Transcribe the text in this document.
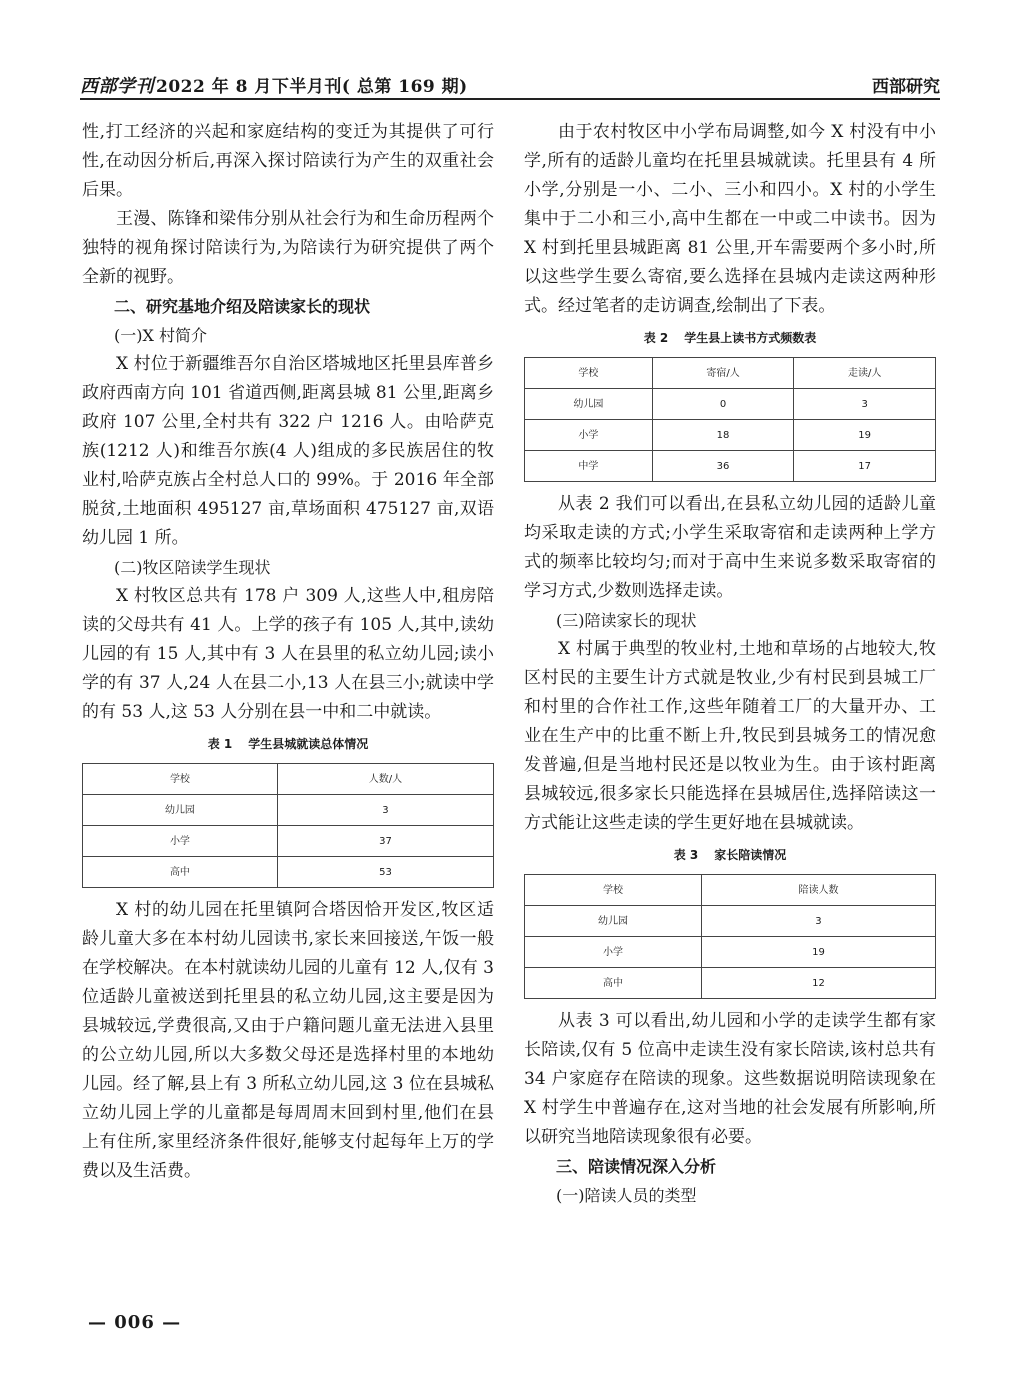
西部学刊 2022 年 8 月下半月刊( 总第 169 期)	西部研究

性,打工经济的兴起和家庭结构的变迁为其提供了可行性,在动因分析后,再深入探讨陪读行为产生的双重社会后果。

王漫、陈锋和梁伟分别从社会行为和生命历程两个独特的视角探讨陪读行为,为陪读行为研究提供了两个全新的视野。

二、研究基地介绍及陪读家长的现状
(一)X 村简介

X 村位于新疆维吾尔自治区塔城地区托里县库普乡政府西南方向 101 省道西侧,距离县城 81 公里,距离乡政府 107 公里,全村共有 322 户 1216 人。由哈萨克族(1212 人)和维吾尔族(4 人)组成的多民族居住的牧业村,哈萨克族占全村总人口的 99%。于 2016 年全部脱贫,土地面积 495127 亩,草场面积 475127 亩,双语幼儿园 1 所。

(二)牧区陪读学生现状

X 村牧区总共有 178 户 309 人,这些人中,租房陪读的父母共有 41 人。上学的孩子有 105 人,其中,读幼儿园的有 15 人,其中有 3 人在县里的私立幼儿园;读小学的有 37 人,24 人在县二小,13 人在县三小;就读中学的有 53 人,这 53 人分别在县一中和二中就读。

表 1 学生县城就读总体情况
学校	人数/人
幼儿园	3
小学	37
高中	53

X 村的幼儿园在托里镇阿合塔因恰开发区,牧区适龄儿童大多在本村幼儿园读书,家长来回接送,午饭一般在学校解决。在本村就读幼儿园的儿童有 12 人,仅有 3 位适龄儿童被送到托里县的私立幼儿园,这主要是因为县城较远,学费很高,又由于户籍问题儿童无法进入县里的公立幼儿园,所以大多数父母还是选择村里的本地幼儿园。经了解,县上有 3 所私立幼儿园,这 3 位在县城私立幼儿园上学的儿童都是每周周末回到村里,他们在县上有住所,家里经济条件很好,能够支付起每年上万的学费以及生活费。

由于农村牧区中小学布局调整,如今 X 村没有中小学,所有的适龄儿童均在托里县城就读。托里县有 4 所小学,分别是一小、二小、三小和四小。X 村的小学生集中于二小和三小,高中生都在一中或二中读书。因为 X 村到托里县城距离 81 公里,开车需要两个多小时,所以这些学生要么寄宿,要么选择在县城内走读这两种形式。经过笔者的走访调查,绘制出了下表。

表 2 学生县上读书方式频数表
学校	寄宿/人	走读/人
幼儿园	0	3
小学	18	19
中学	36	17

从表 2 我们可以看出,在县私立幼儿园的适龄儿童均采取走读的方式;小学生采取寄宿和走读两种上学方式的频率比较均匀;而对于高中生来说多数采取寄宿的学习方式,少数则选择走读。

(三)陪读家长的现状

X 村属于典型的牧业村,土地和草场的占地较大,牧区村民的主要生计方式就是牧业,少有村民到县城工厂和村里的合作社工作,这些年随着工厂的大量开办、工业在生产中的比重不断上升,牧民到县城务工的情况愈发普遍,但是当地村民还是以牧业为生。由于该村距离县城较远,很多家长只能选择在县城居住,选择陪读这一方式能让这些走读的学生更好地在县城就读。

表 3 家长陪读情况
学校	陪读人数
幼儿园	3
小学	19
高中	12

从表 3 可以看出,幼儿园和小学的走读学生都有家长陪读,仅有 5 位高中走读生没有家长陪读,该村总共有 34 户家庭存在陪读的现象。这些数据说明陪读现象在 X 村学生中普遍存在,这对当地的社会发展有所影响,所以研究当地陪读现象很有必要。

三、陪读情况深入分析
(一)陪读人员的类型
— 006 —
